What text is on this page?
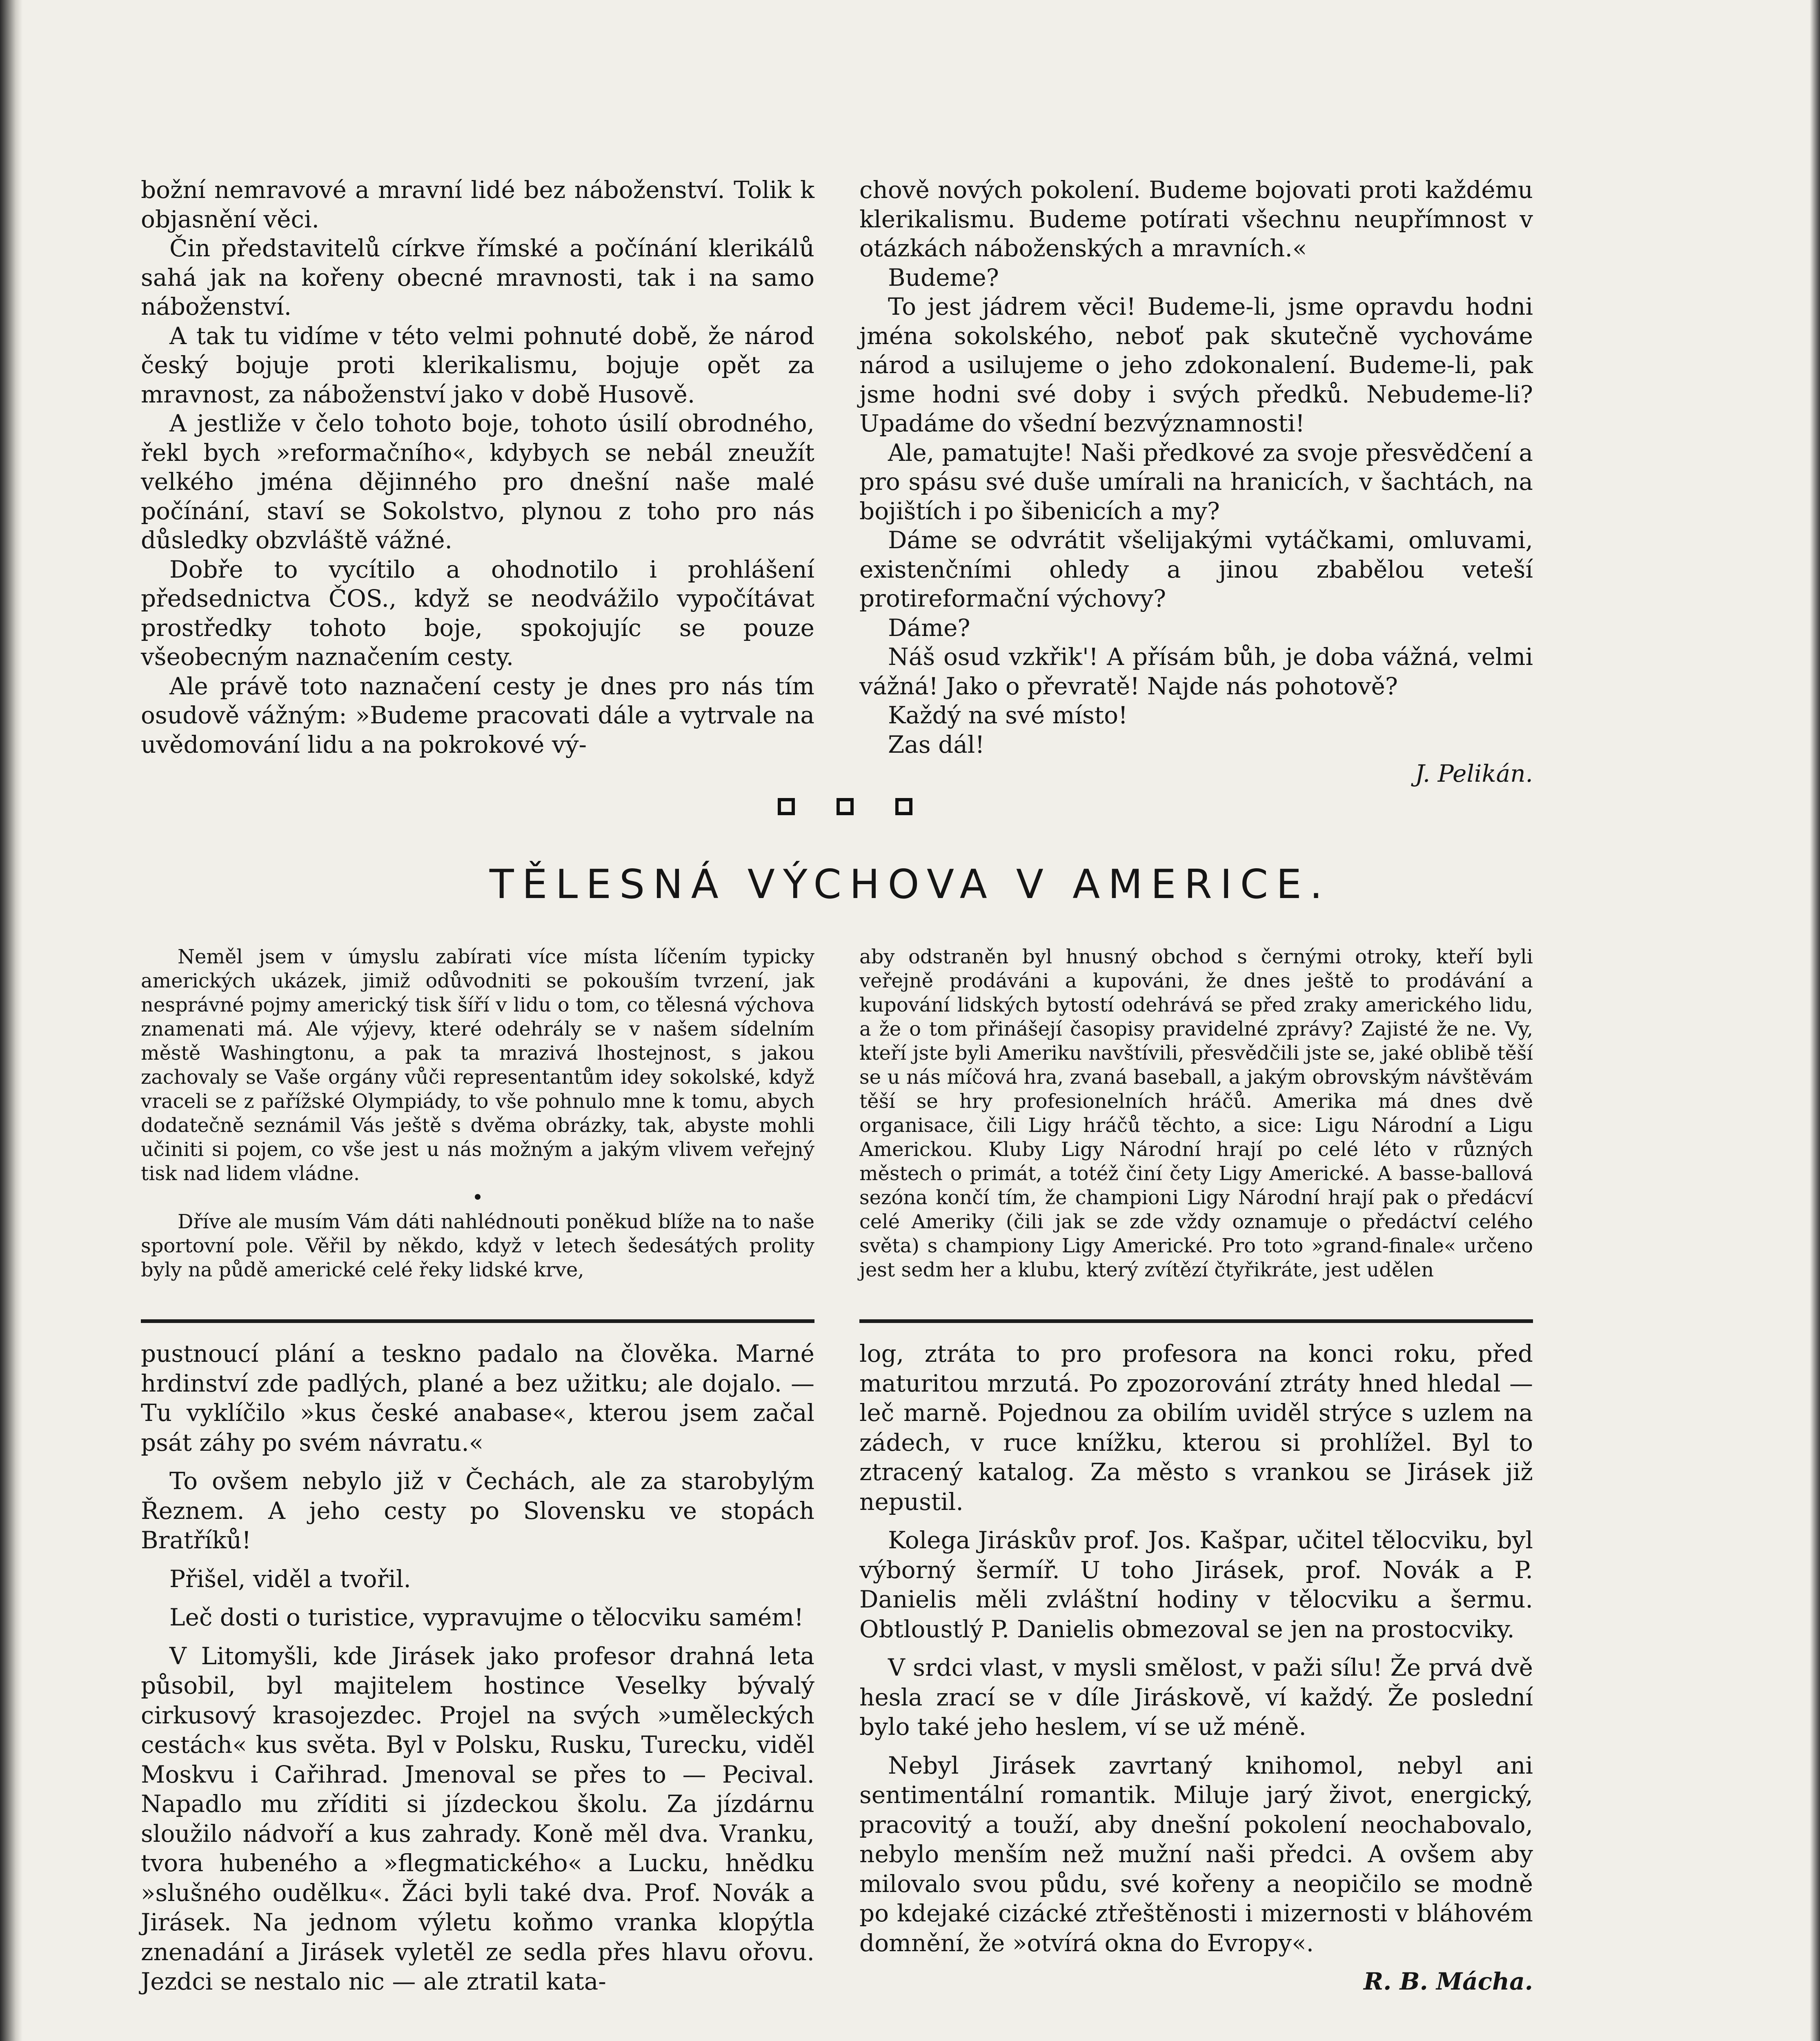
božní nemravové a mravní lidé bez náboženství. Tolik k objasnění věci.

Čin představitelů církve římské a počínání klerikálů sahá jak na kořeny obecné mravnosti, tak i na samo náboženství.

A tak tu vidíme v této velmi pohnuté době, že národ český bojuje proti klerikalismu, bojuje opět za mravnost, za náboženství jako v době Husově.

A jestliže v čelo tohoto boje, tohoto úsilí obrodného, řekl bych »reformačního«, kdybych se nebál zneužít velkého jména dějinného pro dnešní naše malé počínání, staví se Sokolstvo, plynou z toho pro nás důsledky obzvláště vážné.

Dobře to vycítilo a ohodnotilo i prohlášení předsednictva ČOS., když se neodvážilo vypočítávat prostředky tohoto boje, spokojujíc se pouze všeobecným naznačením cesty.

Ale právě toto naznačení cesty je dnes pro nás tím osudově vážným: »Budeme pracovati dále a vytrvale na uvědomování lidu a na pokrokové vý-

chově nových pokolení. Budeme bojovati proti každému klerikalismu. Budeme potírati všechnu neupřímnost v otázkách náboženských a mravních.«

Budeme?

To jest jádrem věci! Budeme-li, jsme opravdu hodni jména sokolského, neboť pak skutečně vychováme národ a usilujeme o jeho zdokonalení. Budeme-li, pak jsme hodni své doby i svých předků. Nebudeme-li? Upadáme do všední bezvýznamnosti!

Ale, pamatujte! Naši předkové za svoje přesvědčení a pro spásu své duše umírali na hranicích, v šachtách, na bojištích i po šibenicích a my?

Dáme se odvrátit všelijakými vytáčkami, omluvami, existenčními ohledy a jinou zbabělou veteší protireformační výchovy?

Dáme?

Náš osud vzkřik'! A přísám bůh, je doba vážná, velmi vážná! Jako o převratě! Najde nás pohotově?

Každý na své místo!

Zas dál!

J. Pelikán.

TĚLESNÁ VÝCHOVA V AMERICE.

Neměl jsem v úmyslu zabírati více místa líčením typicky amerických ukázek, jimiž odůvodniti se pokouším tvrzení, jak nesprávné pojmy americký tisk šíří v lidu o tom, co tělesná výchova znamenati má. Ale výjevy, které odehrály se v našem sídelním městě Washingtonu, a pak ta mrazivá lhostejnost, s jakou zachovaly se Vaše orgány vůči representantům idey sokolské, když vraceli se z pařížské Olympiády, to vše pohnulo mne k tomu, abych dodatečně seznámil Vás ještě s dvěma obrázky, tak, abyste mohli učiniti si pojem, co vše jest u nás možným a jakým vlivem veřejný tisk nad lidem vládne.

•

Dříve ale musím Vám dáti nahlédnouti poněkud blíže na to naše sportovní pole. Věřil by někdo, když v letech šedesátých prolity byly na půdě americké celé řeky lidské krve,

aby odstraněn byl hnusný obchod s černými otroky, kteří byli veřejně prodáváni a kupováni, že dnes ještě to prodávání a kupování lidských bytostí odehrává se před zraky amerického lidu, a že o tom přinášejí časopisy pravidelné zprávy? Zajisté že ne. Vy, kteří jste byli Ameriku navštívili, přesvědčili jste se, jaké oblibě těší se u nás míčová hra, zvaná baseball, a jakým obrovským návštěvám těší se hry profesionelních hráčů. Amerika má dnes dvě organisace, čili Ligy hráčů těchto, a sice: Ligu Národní a Ligu Americkou. Kluby Ligy Národní hrají po celé léto v různých městech o primát, a totéž činí čety Ligy Americké. A basse-ballová sezóna končí tím, že championi Ligy Národní hrají pak o předácví celé Ameriky (čili jak se zde vždy oznamuje o předáctví celého světa) s championy Ligy Americké. Pro toto »grand-finale« určeno jest sedm her a klubu, který zvítězí čtyřikráte, jest udělen

pustnoucí plání a teskno padalo na člověka. Marné hrdinství zde padlých, plané a bez užitku; ale dojalo. — Tu vyklíčilo »kus české anabase«, kterou jsem začal psát záhy po svém návratu.«

To ovšem nebylo již v Čechách, ale za starobylým Řeznem. A jeho cesty po Slovensku ve stopách Bratříků!

Přišel, viděl a tvořil.

Leč dosti o turistice, vypravujme o tělocviku samém!

V Litomyšli, kde Jirásek jako profesor drahná leta působil, byl majitelem hostince Veselky bývalý cirkusový krasojezdec. Projel na svých »uměleckých cestách« kus světa. Byl v Polsku, Rusku, Turecku, viděl Moskvu i Cařihrad. Jmenoval se přes to — Pecival. Napadlo mu zříditi si jízdeckou školu. Za jízdárnu sloužilo nádvoří a kus zahrady. Koně měl dva. Vranku, tvora hubeného a »flegmatického« a Lucku, hnědku »slušného oudělku«. Žáci byli také dva. Prof. Novák a Jirásek. Na jednom výletu koňmo vranka klopýtla znenadání a Jirásek vyletěl ze sedla přes hlavu ořovu. Jezdci se nestalo nic — ale ztratil kata-

log, ztráta to pro profesora na konci roku, před maturitou mrzutá. Po zpozorování ztráty hned hledal — leč marně. Pojednou za obilím uviděl strýce s uzlem na zádech, v ruce knížku, kterou si prohlížel. Byl to ztracený katalog. Za město s vrankou se Jirásek již nepustil.

Kolega Jiráskův prof. Jos. Kašpar, učitel tělocviku, byl výborný šermíř. U toho Jirásek, prof. Novák a P. Danielis měli zvláštní hodiny v tělocviku a šermu. Obtloustlý P. Danielis obmezoval se jen na prostocviky.

V srdci vlast, v mysli smělost, v paži sílu! Že prvá dvě hesla zrací se v díle Jiráskově, ví každý. Že poslední bylo také jeho heslem, ví se už méně.

Nebyl Jirásek zavrtaný knihomol, nebyl ani sentimentální romantik. Miluje jarý život, energický, pracovitý a touží, aby dnešní pokolení neochabovalo, nebylo menším než mužní naši předci. A ovšem aby milovalo svou půdu, své kořeny a neopičilo se modně po kdejaké cizácké ztřeštěnosti i mizernosti v bláhovém domnění, že »otvírá okna do Evropy«.

R. B. Mácha.
